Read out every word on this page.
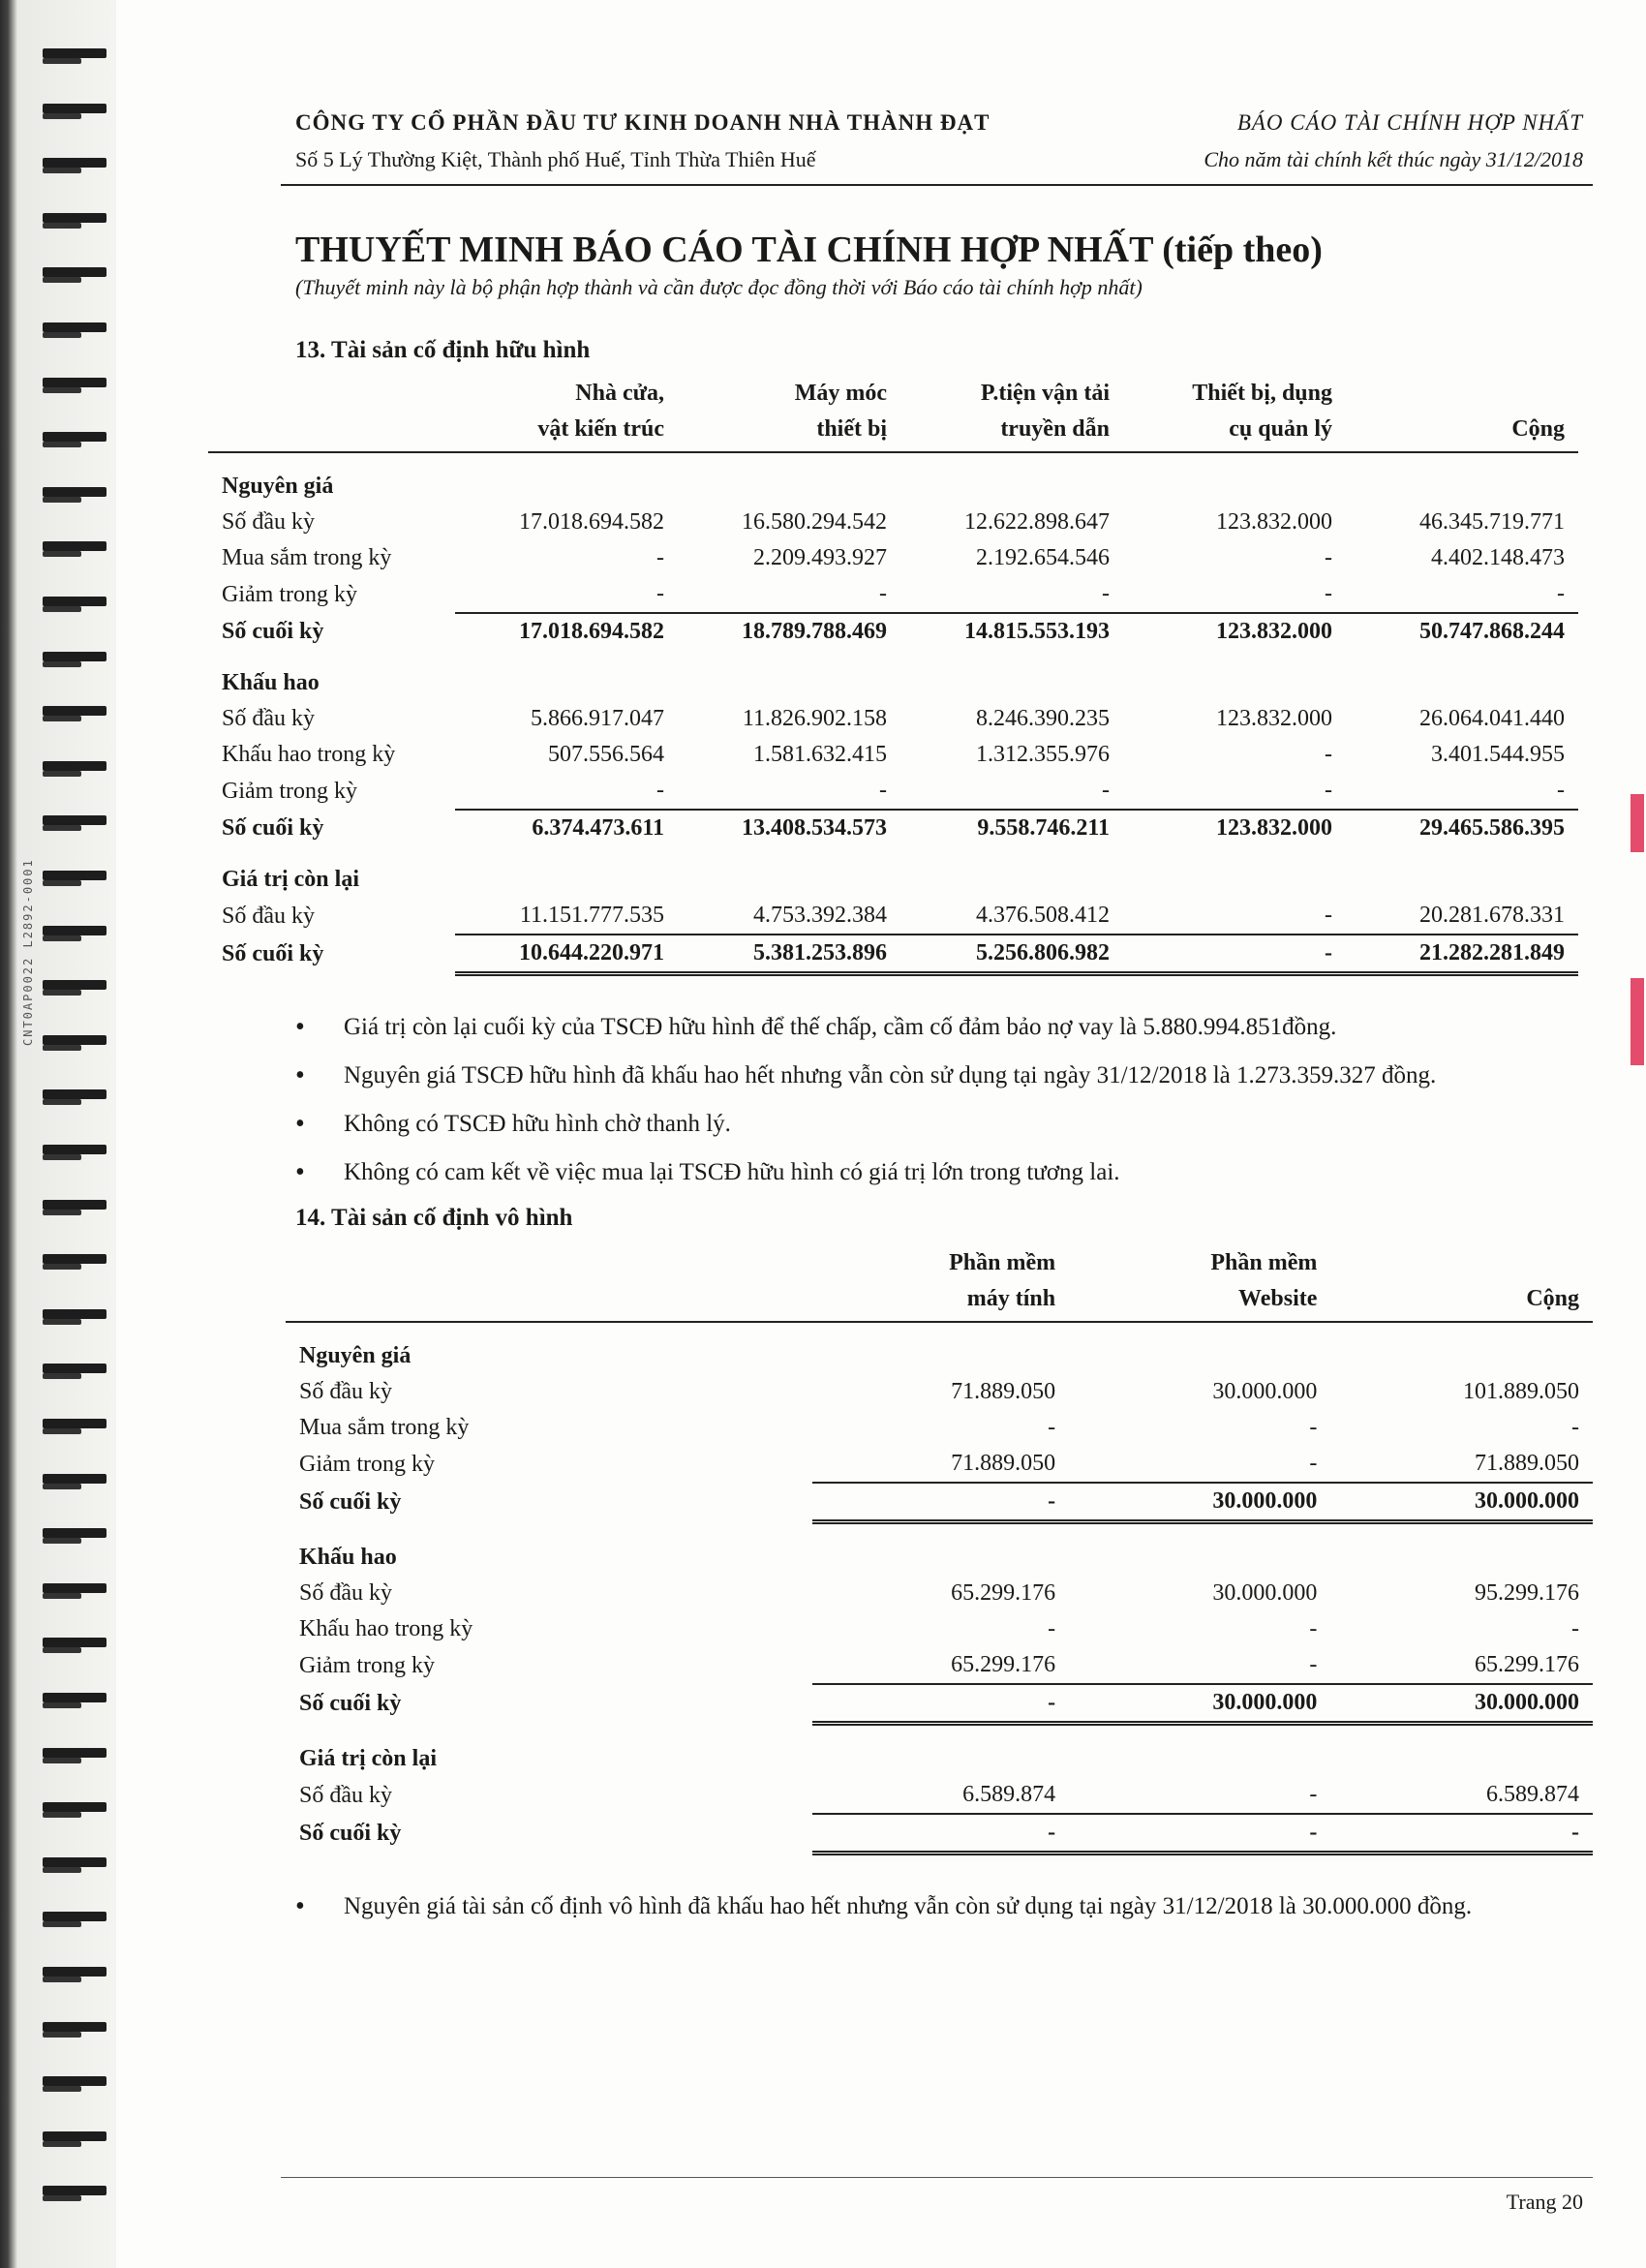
CNT0AP0022 L2892-0001
CÔNG TY CỔ PHẦN ĐẦU TƯ KINH DOANH NHÀ THÀNH ĐẠT	BÁO CÁO TÀI CHÍNH HỢP NHẤT
Số 5 Lý Thường Kiệt, Thành phố Huế, Tỉnh Thừa Thiên Huế	Cho năm tài chính kết thúc ngày 31/12/2018
THUYẾT MINH BÁO CÁO TÀI CHÍNH HỢP NHẤT (tiếp theo)
(Thuyết minh này là bộ phận hợp thành và cần được đọc đồng thời với Báo cáo tài chính hợp nhất)
13. Tài sản cố định hữu hình
	Nhà cửa,	Máy móc	P.tiện vận tải	Thiết bị, dụng	
	vật kiến trúc	thiết bị	truyền dẫn	cụ quản lý	Cộng
Nguyên giá					
Số đầu kỳ	17.018.694.582	16.580.294.542	12.622.898.647	123.832.000	46.345.719.771
Mua sắm trong kỳ	-	2.209.493.927	2.192.654.546	-	4.402.148.473
Giảm trong kỳ	-	-	-	-	-
Số cuối kỳ	17.018.694.582	18.789.788.469	14.815.553.193	123.832.000	50.747.868.244
Khấu hao					
Số đầu kỳ	5.866.917.047	11.826.902.158	8.246.390.235	123.832.000	26.064.041.440
Khấu hao trong kỳ	507.556.564	1.581.632.415	1.312.355.976	-	3.401.544.955
Giảm trong kỳ	-	-	-	-	-
Số cuối kỳ	6.374.473.611	13.408.534.573	9.558.746.211	123.832.000	29.465.586.395
Giá trị còn lại					
Số đầu kỳ	11.151.777.535	4.753.392.384	4.376.508.412	-	20.281.678.331
Số cuối kỳ	10.644.220.971	5.381.253.896	5.256.806.982	-	21.282.281.849
• Giá trị còn lại cuối kỳ của TSCĐ hữu hình để thế chấp, cầm cố đảm bảo nợ vay là 5.880.994.851đồng.
• Nguyên giá TSCĐ hữu hình đã khấu hao hết nhưng vẫn còn sử dụng tại ngày 31/12/2018 là 1.273.359.327 đồng.
• Không có TSCĐ hữu hình chờ thanh lý.
• Không có cam kết về việc mua lại TSCĐ hữu hình có giá trị lớn trong tương lai.
14. Tài sản cố định vô hình
	Phần mềm	Phần mềm	
	máy tính	Website	Cộng
Nguyên giá			
Số đầu kỳ	71.889.050	30.000.000	101.889.050
Mua sắm trong kỳ	-	-	-
Giảm trong kỳ	71.889.050	-	71.889.050
Số cuối kỳ	-	30.000.000	30.000.000
Khấu hao			
Số đầu kỳ	65.299.176	30.000.000	95.299.176
Khấu hao trong kỳ	-	-	-
Giảm trong kỳ	65.299.176	-	65.299.176
Số cuối kỳ	-	30.000.000	30.000.000
Giá trị còn lại			
Số đầu kỳ	6.589.874	-	6.589.874
Số cuối kỳ	-	-	-
• Nguyên giá tài sản cố định vô hình đã khấu hao hết nhưng vẫn còn sử dụng tại ngày 31/12/2018 là 30.000.000 đồng.
Trang 20
